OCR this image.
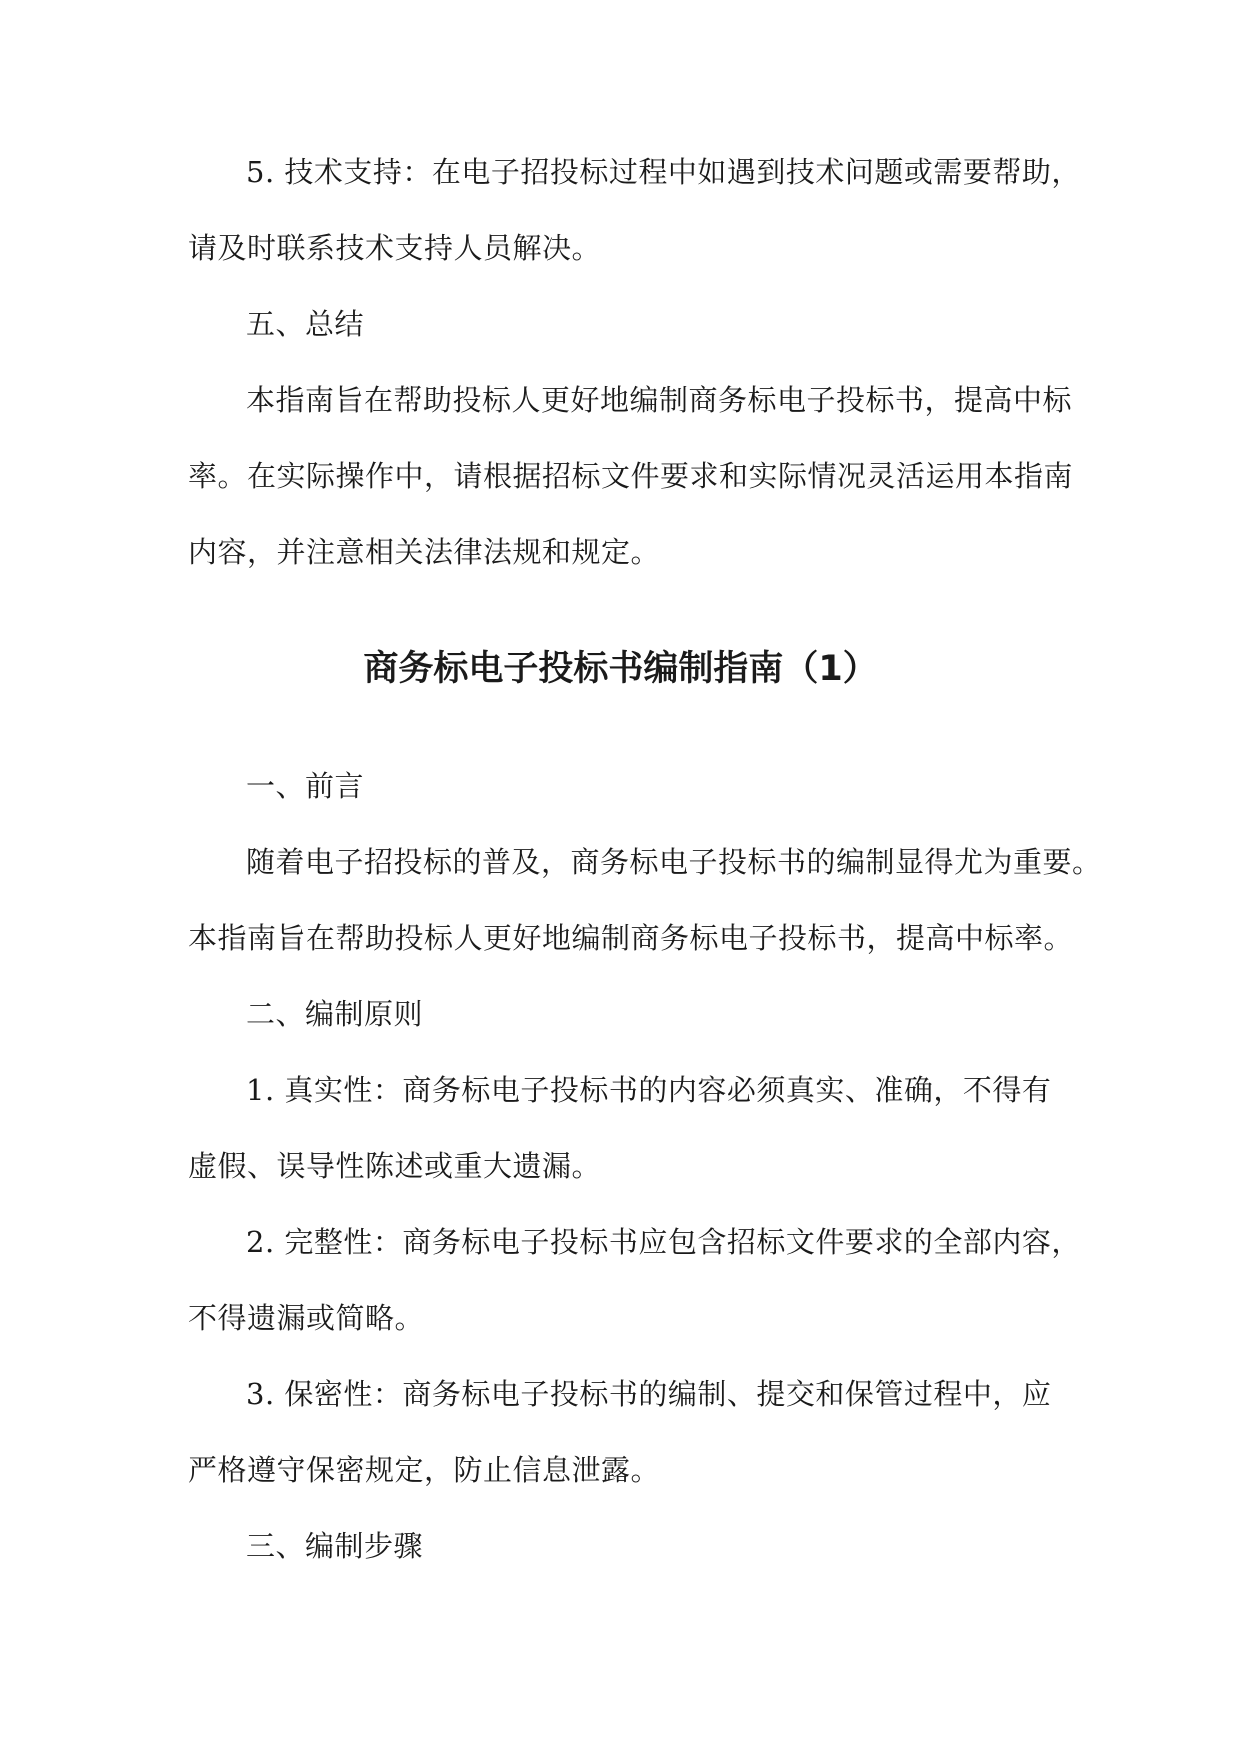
5. 技术支持：在电子招投标过程中如遇到技术问题或需要帮助，
请及时联系技术支持人员解决。
五、总结
本指南旨在帮助投标人更好地编制商务标电子投标书，提高中标
率。在实际操作中，请根据招标文件要求和实际情况灵活运用本指南
内容，并注意相关法律法规和规定。
商务标电子投标书编制指南（1）
一、前言
随着电子招投标的普及，商务标电子投标书的编制显得尤为重要。
本指南旨在帮助投标人更好地编制商务标电子投标书，提高中标率。
二、编制原则
1. 真实性：商务标电子投标书的内容必须真实、准确，不得有
虚假、误导性陈述或重大遗漏。
2. 完整性：商务标电子投标书应包含招标文件要求的全部内容，
不得遗漏或简略。
3. 保密性：商务标电子投标书的编制、提交和保管过程中，应
严格遵守保密规定，防止信息泄露。
三、编制步骤
